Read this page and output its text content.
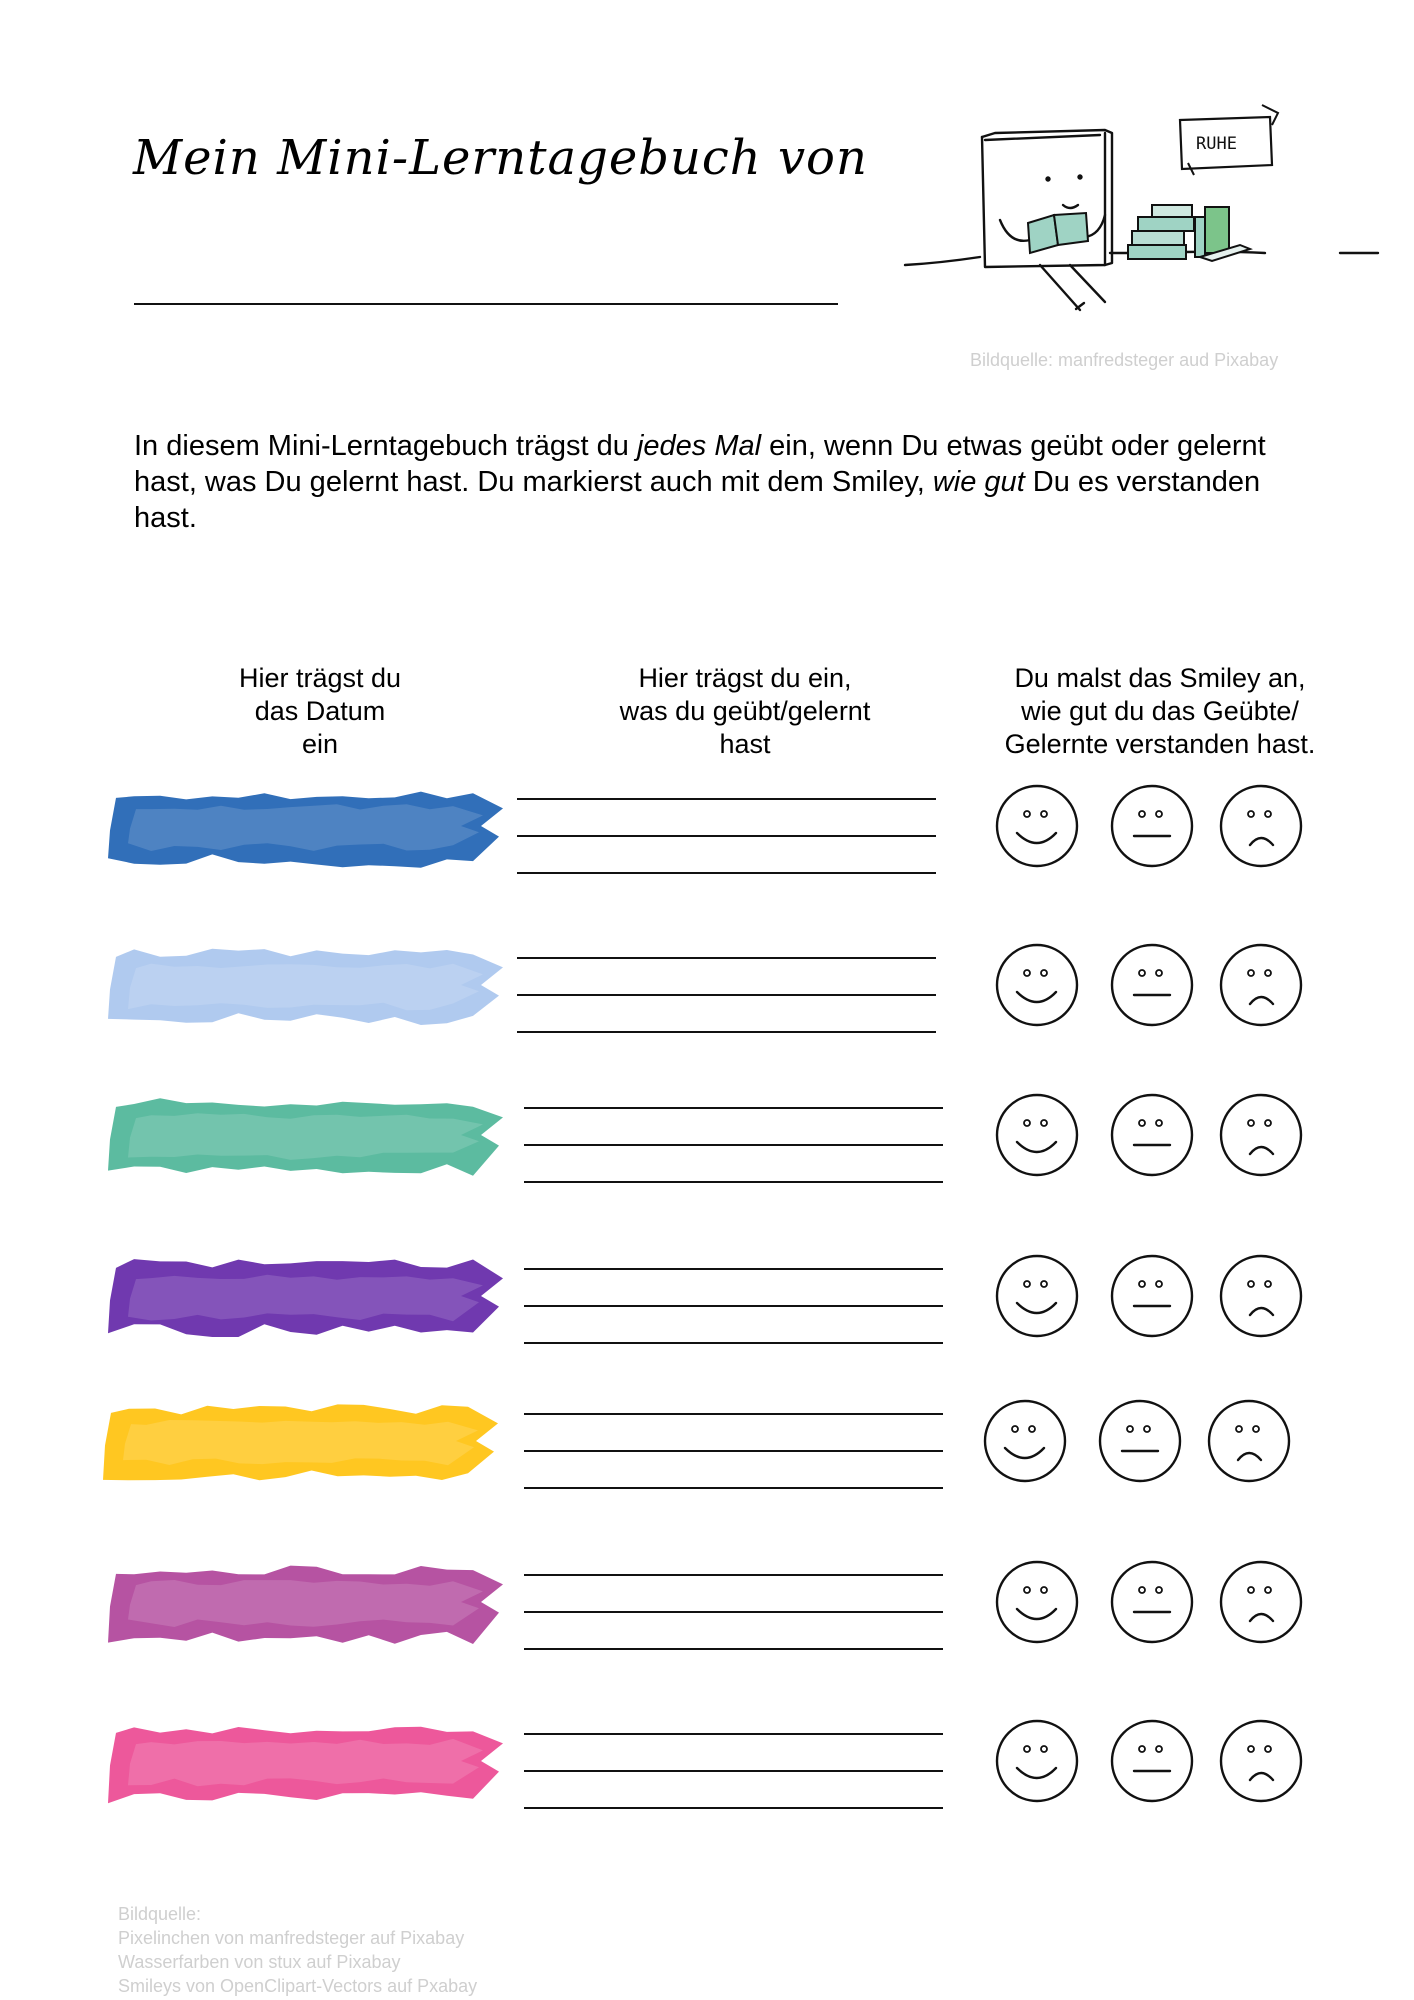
Mein Mini-Lerntagebuch von	RUHE
Bildquelle: manfredsteger aud Pixabay

In diesem Mini-Lerntagebuch trägst du jedes Mal ein, wenn Du etwas geübt oder gelernt hast, was Du gelernt hast. Du markierst auch mit dem Smiley, wie gut Du es verstanden hast.

Hier trägst du
das Datum
ein
Hier trägst du ein,
was du geübt/gelernt
hast
Du malst das Smiley an,
wie gut du das Geübte/
Gelernte verstanden hast.
Bildquelle:
Pixelinchen von manfredsteger auf Pixabay
Wasserfarben von stux auf Pixabay
Smileys von OpenClipart-Vectors auf Pxabay
